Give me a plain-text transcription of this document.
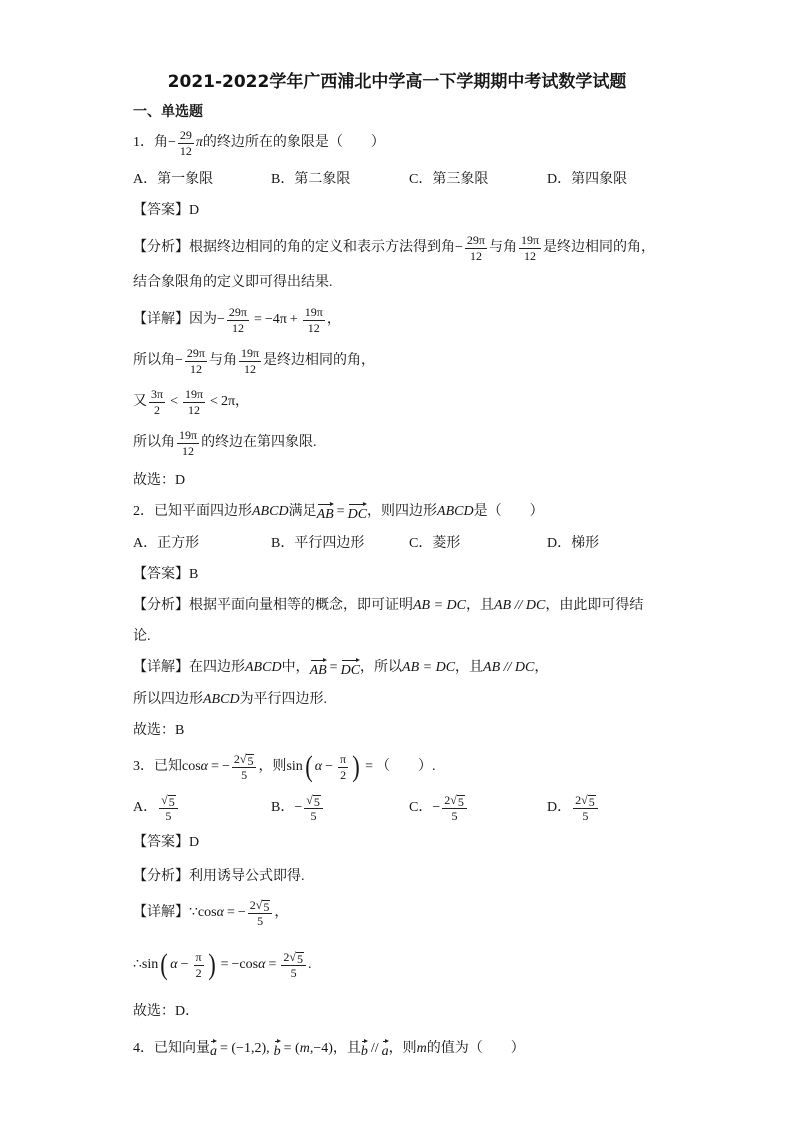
2021-2022学年广西浦北中学高一下学期期中考试数学试题
一、单选题
1．角 − $\frac{29}{12}$ π 的终边所在的象限是（　　）
A．第一象限	B．第二象限	C．第三象限	D．第四象限
【答案】 D
【分析】 根据终边相同的角的定义和表示方法得到角 − $\frac{29\pi}{12}$ 与角 $\frac{19\pi}{12}$ 是终边相同的角，
结合象限角的定义即可得出结果.
【详解】 因为 − $\frac{29\pi}{12} = -4\pi + \frac{19\pi}{12}$ ，
所以角 − $\frac{29\pi}{12}$ 与角 $\frac{19\pi}{12}$ 是终边相同的角，
又 $\frac{3\pi}{2} < \frac{19\pi}{12} < 2\pi$ ，
所以角 $\frac{19\pi}{12}$ 的终边在第四象限.
故选：D
2．已知平面四边形 ABCD 满足 AB = DC ，则四边形 ABCD 是（　　）
A．正方形	B．平行四边形	C．菱形	D．梯形
【答案】 B
【分析】 根据平面向量相等的概念，即可证明 AB = DC ，且 AB // DC ，由此即可得结
论.
【详解】 在四边形 ABCD 中， AB = DC ，所以 AB = DC ，且 AB // DC ，
所以四边形 ABCD 为平行四边形.
故选：B
3．已知 cos α = − $\frac{2√ 5}{5}$ ，则 sin ( $\alpha - \frac{\pi}{2}$ ) = （　　）.
A． $\frac{√ 5}{5}$	B． − $\frac{√ 5}{5}$	C． − $\frac{2√ 5}{5}$	D． $\frac{2√ 5}{5}$
【答案】 D
【分析】 利用诱导公式即得.
【详解】 ∵ cos α = − $\frac{2√ 5}{5}$ ，
∴ sin ( $\alpha - \frac{\pi}{2}$ ) = − $\cos \alpha = \frac{2√ 5}{5}$ .
故选：D．
4．已知向量 a = (−1,2), b = ( m ,−4) ，且 b // a ，则 m 的值为（　　）
